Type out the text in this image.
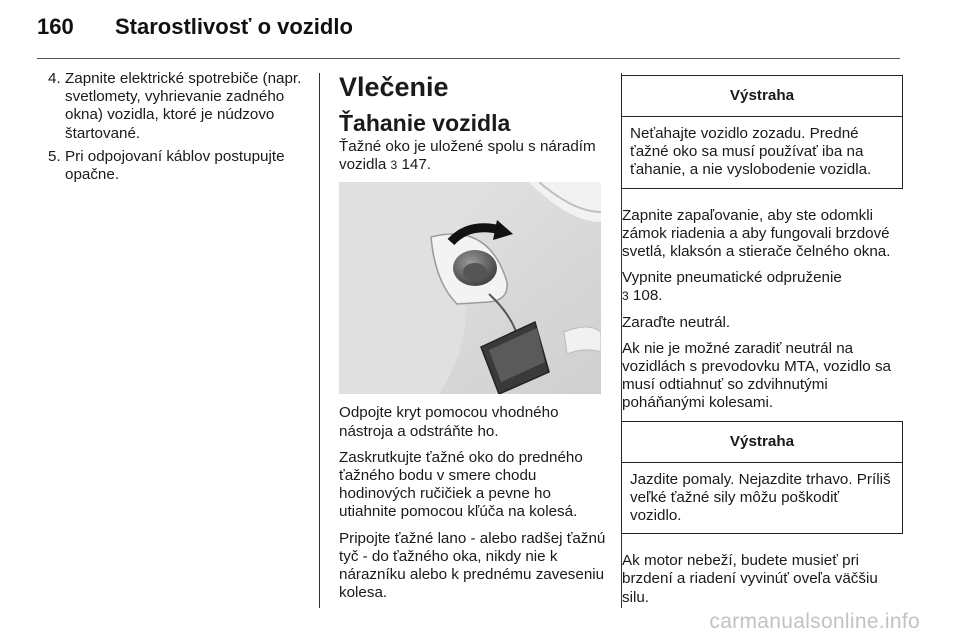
160 Starostlivosť o vozidlo
4. Zapnite elektrické spotrebiče (napr. svetlomety, vyhrievanie zadného okna) vozidla, ktoré je núdzovo štartované.
5. Pri odpojovaní káblov postupujte opačne.
Vlečenie
Ťahanie vozidla

Ťažné oko je uložené spolu s náradím vozidla 3 147.

Odpojte kryt pomocou vhodného nástroja a odstráňte ho.

Zaskrutkujte ťažné oko do predného ťažného bodu v smere chodu hodinových ručičiek a pevne ho utiahnite pomocou kľúča na kolesá.

Pripojte ťažné lano - alebo radšej ťažnú tyč - do ťažného oka, nikdy nie k nárazníku alebo k prednému zaveseniu kolesa.

Výstraha
Neťahajte vozidlo zozadu. Predné ťažné oko sa musí používať iba na ťahanie, a nie vyslobodenie vozidla.

Zapnite zapaľovanie, aby ste odomkli zámok riadenia a aby fungovali brzdové svetlá, klaksón a stierače čelného okna.

Vypnite pneumatické odpruženie
3 108.

Zaraďte neutrál.

Ak nie je možné zaradiť neutrál na vozidlách s prevodovku MTA, vozidlo sa musí odtiahnuť so zdvihnutými poháňanými kolesami.

Výstraha
Jazdite pomaly. Nejazdite trhavo. Príliš veľké ťažné sily môžu poškodiť vozidlo.

Ak motor nebeží, budete musieť pri brzdení a riadení vyvinúť oveľa väčšiu silu.

carmanualsonline.info
